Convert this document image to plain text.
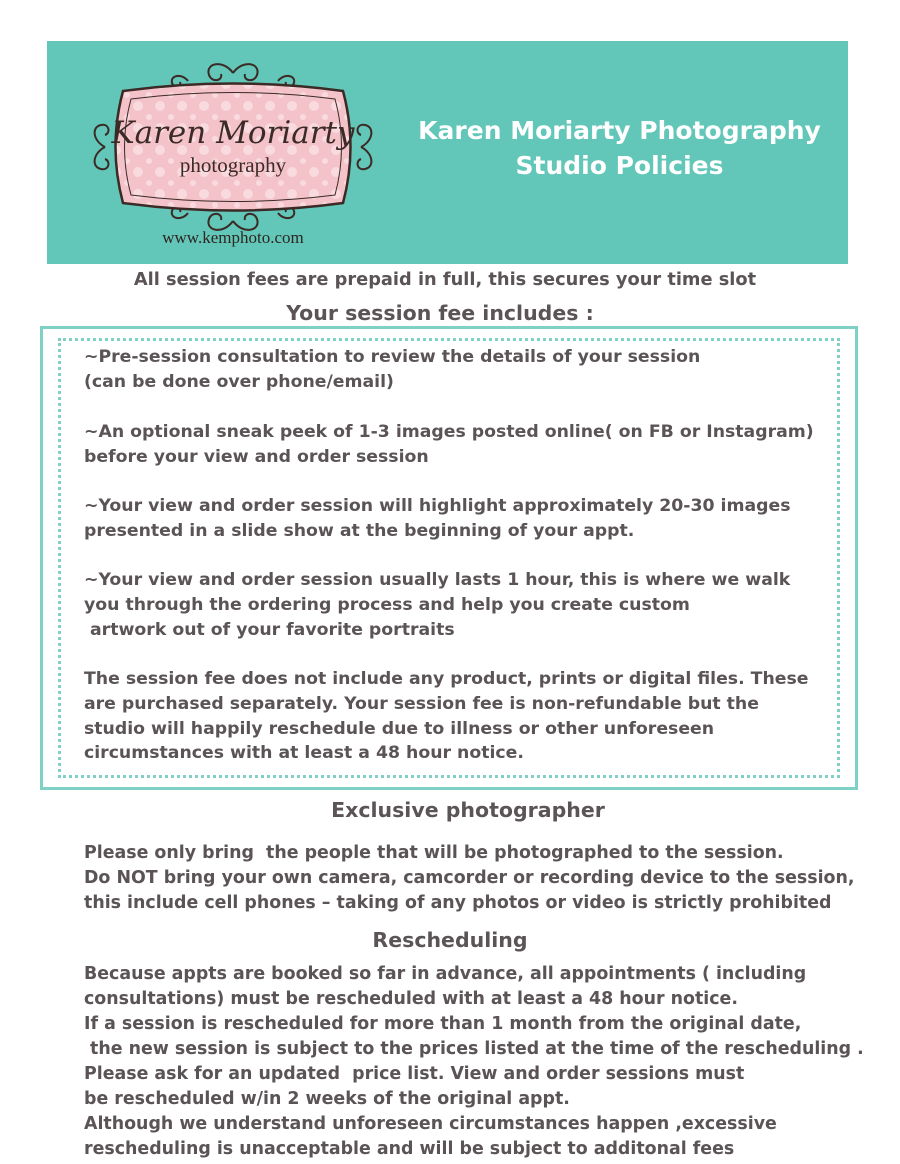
Karen Moriarty
photography
www.kemphoto.com
Karen Moriarty Photography
Studio Policies
All session fees are prepaid in full, this secures your time slot
Your session fee includes :
~Pre-session consultation to review the details of your session
(can be done over phone/email)
~An optional sneak peek of 1-3 images posted online( on FB or Instagram)
before your view and order session
~Your view and order session will highlight approximately 20-30 images
presented in a slide show at the beginning of your appt.
~Your view and order session usually lasts 1 hour, this is where we walk
you through the ordering process and help you create custom
artwork out of your favorite portraits
The session fee does not include any product, prints or digital files. These
are purchased separately. Your session fee is non-refundable but the
studio will happily reschedule due to illness or other unforeseen
circumstances with at least a 48 hour notice.
Exclusive photographer
Please only bring  the people that will be photographed to the session.
Do NOT bring your own camera, camcorder or recording device to the session,
this include cell phones – taking of any photos or video is strictly prohibited
Rescheduling
Because appts are booked so far in advance, all appointments ( including
consultations) must be rescheduled with at least a 48 hour notice.
If a session is rescheduled for more than 1 month from the original date,
the new session is subject to the prices listed at the time of the rescheduling .
Please ask for an updated  price list. View and order sessions must
be rescheduled w/in 2 weeks of the original appt.
Although we understand unforeseen circumstances happen ,excessive
rescheduling is unacceptable and will be subject to additonal fees
